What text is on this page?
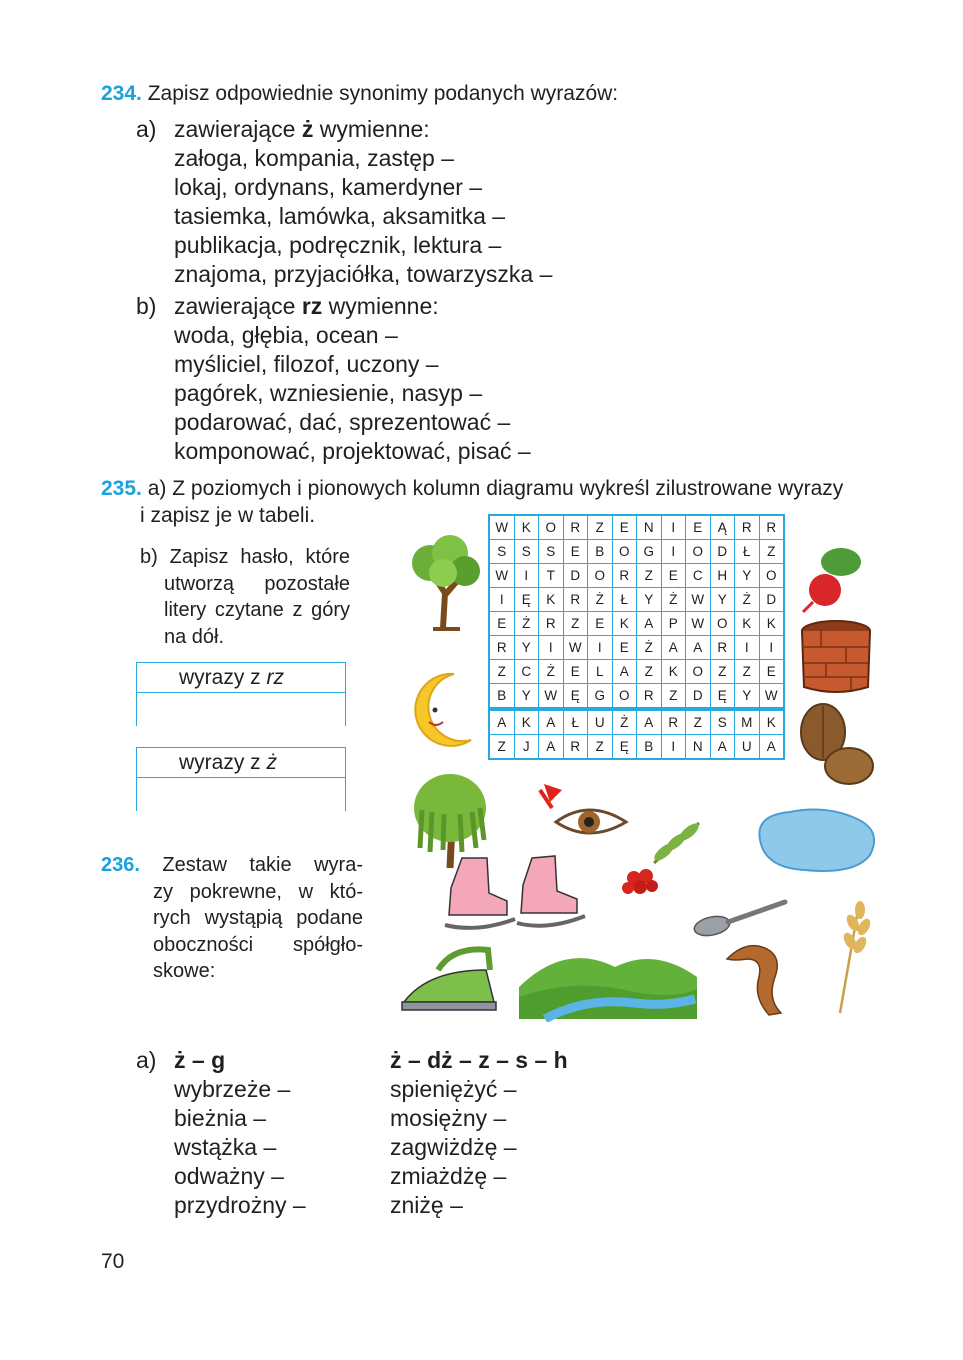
234. Zapisz odpowiednie synonimy podanych wyrazów:
a) zawierające ż wymienne:
załoga, kompania, zastęp –
lokaj, ordynans, kamerdyner –
tasiemka, lamówka, aksamitka –
publikacja, podręcznik, lektura –
znajoma, przyjaciółka, towarzyszka –
b) zawierające rz wymienne:
woda, głębia, ocean –
myśliciel, filozof, uczony –
pagórek, wzniesienie, nasyp –
podarować, dać, sprezentować –
komponować, projektować, pisać –
235. a) Z poziomych i pionowych kolumn diagramu wykreśl zilustrowane wyrazy
i zapisz je w tabeli.
b) Zapisz hasło, które
utworzą pozostałe
litery czytane z góry
na dół.
wyrazy z rz
wyrazy z ż
W	K	O	R	Z	E	N	I	E	Ą	R	R
S	S	S	E	B	O	G	I	O	D	Ł	Z
W	I	T	D	O	R	Z	E	C	H	Y	O
I	Ę	K	R	Ż	Ł	Y	Ż	W	Y	Ż	D
E	Ż	R	Z	E	K	A	P	W	O	K	K
R	Y	I	W	I	E	Ż	A	A	R	I	I
Z	C	Ż	E	L	A	Z	K	O	Z	Z	E
B	Y	W	Ę	G	O	R	Z	D	Ę	Y	W
A	K	A	Ł	U	Ż	A	R	Z	S	M	K
Z	J	A	R	Z	Ę	B	I	N	A	U	A
236. Zestaw takie wyra-
zy pokrewne, w któ-
rych wystąpią podane
oboczności spółgło-
skowe:
a) ż – g
wybrzeże –
bieżnia –
wstążka –
odważny –
przydrożny –
ż – dż – z – s – h
spieniężyć –
mosiężny –
zagwiżdżę –
zmiażdżę –
zniżę –
70
